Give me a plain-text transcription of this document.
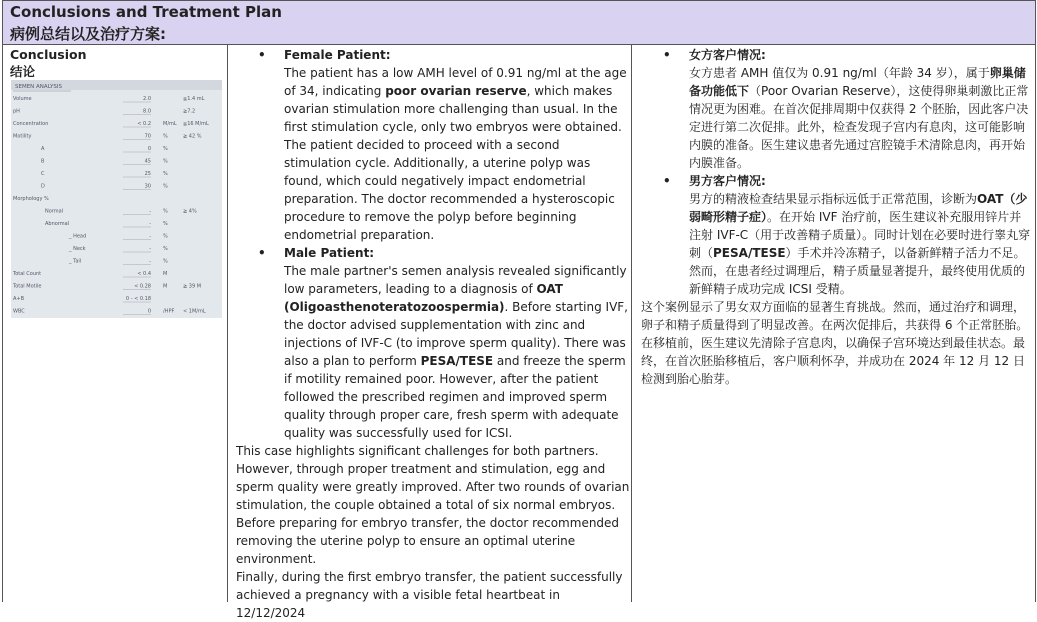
Conclusions and Treatment Plan
病例总结以及治疗方案:
Conclusion
结论
SEMEN ANALYSIS
Volume	2.0	≧1.4 mL
pH	8.0	≧7.2
Concentration	< 0.2 M/mL ≧16 M/mL
Motility	70 %	≧ 42 %
A	0 %
B	45 %
C	25 %
D	30 %
Morphology %
Normal	- %	≧ 4%
Abnormal	- %
_ Head	- %
_ Neck	- %
_ Tail	- %
Total Count	< 0.4 M
Total Motile	< 0.28 M	≧ 39 M
A+B	0 - < 0.18
WBC	0 /HPF < 1M/mL
• Female Patient:
The patient has a low AMH level of 0.91 ng/ml at the age of 34, indicating poor ovarian reserve, which makes ovarian stimulation more challenging than usual. In the first stimulation cycle, only two embryos were obtained. The patient decided to proceed with a second stimulation cycle. Additionally, a uterine polyp was found, which could negatively impact endometrial preparation. The doctor recommended a hysteroscopic procedure to remove the polyp before beginning endometrial preparation.
• Male Patient:
The male partner's semen analysis revealed significantly low parameters, leading to a diagnosis of OAT (Oligoasthenoteratozoospermia). Before starting IVF, the doctor advised supplementation with zinc and injections of IVF-C (to improve sperm quality). There was also a plan to perform PESA/TESE and freeze the sperm if motility remained poor. However, after the patient followed the prescribed regimen and improved sperm quality through proper care, fresh sperm with adequate quality was successfully used for ICSI.
This case highlights significant challenges for both partners. However, through proper treatment and stimulation, egg and sperm quality were greatly improved. After two rounds of ovarian stimulation, the couple obtained a total of six normal embryos. Before preparing for embryo transfer, the doctor recommended removing the uterine polyp to ensure an optimal uterine environment.
Finally, during the first embryo transfer, the patient successfully achieved a pregnancy with a visible fetal heartbeat in 12/12/2024
• 女方客户情况:
女方患者 AMH 值仅为 0.91 ng/ml（年龄 34 岁），属于卵巢储备功能低下（Poor Ovarian Reserve），这使得卵巢刺激比正常情况更为困难。在首次促排周期中仅获得 2 个胚胎，因此客户决定进行第二次促排。此外，检查发现子宫内有息肉，这可能影响内膜的准备。医生建议患者先通过宫腔镜手术清除息肉，再开始内膜准备。
• 男方客户情况:
男方的精液检查结果显示指标远低于正常范围，诊断为OAT（少弱畸形精子症）。在开始 IVF 治疗前，医生建议补充服用锌片并注射 IVF-C（用于改善精子质量）。同时计划在必要时进行睾丸穿刺（PESA/TESE）手术并冷冻精子，以备新鲜精子活力不足。然而，在患者经过调理后，精子质量显著提升，最终使用优质的新鲜精子成功完成 ICSI 受精。
这个案例显示了男女双方面临的显著生育挑战。然而，通过治疗和调理，卵子和精子质量得到了明显改善。在两次促排后，共获得 6 个正常胚胎。在移植前，医生建议先清除子宫息肉，以确保子宫环境达到最佳状态。最终，在首次胚胎移植后，客户顺利怀孕，并成功在 2024 年 12 月 12 日检测到胎心胎芽。
